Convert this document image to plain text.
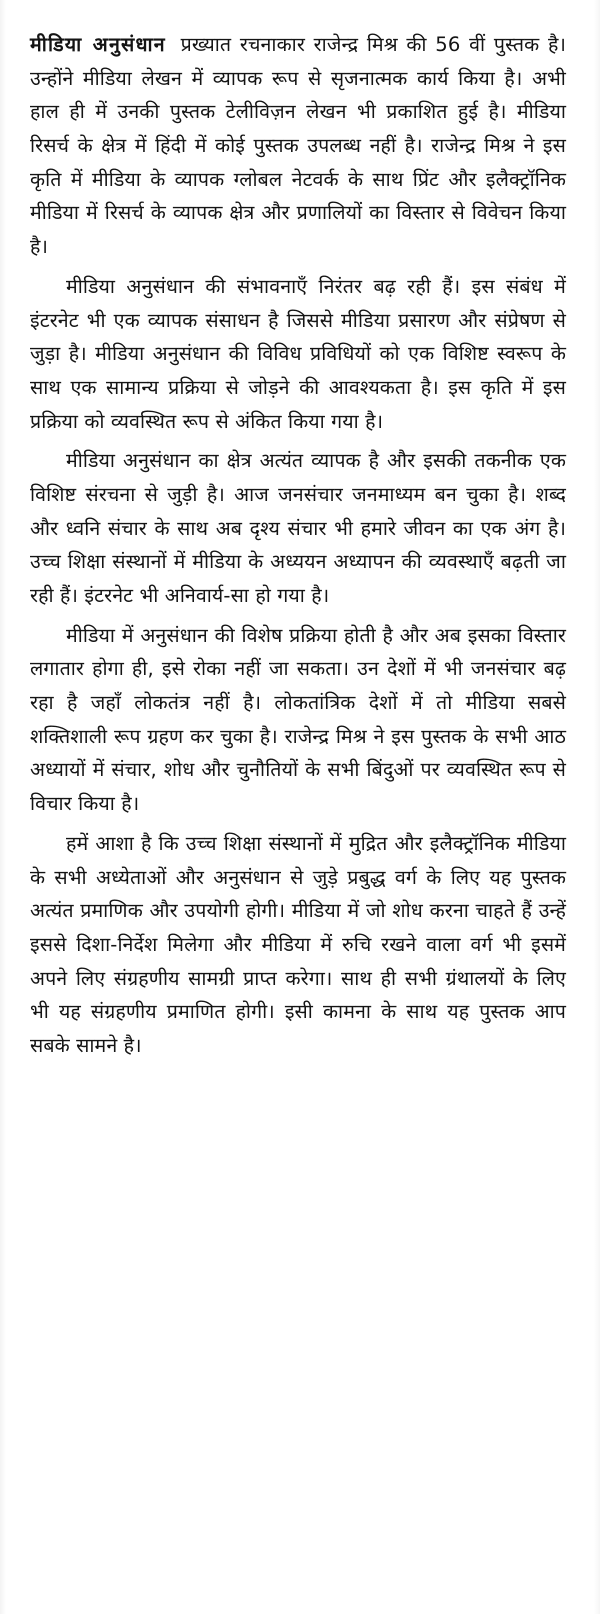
मीडिया अनुसंधान प्रख्यात रचनाकार राजेन्द्र मिश्र की 56 वीं पुस्तक है। उन्होंने मीडिया लेखन में व्यापक रूप से सृजनात्मक कार्य किया है। अभी हाल ही में उनकी पुस्तक टेलीविज़न लेखन भी प्रकाशित हुई है। मीडिया रिसर्च के क्षेत्र में हिंदी में कोई पुस्तक उपलब्ध नहीं है। राजेन्द्र मिश्र ने इस कृति में मीडिया के व्यापक ग्लोबल नेटवर्क के साथ प्रिंट और इलैक्ट्रॉनिक मीडिया में रिसर्च के व्यापक क्षेत्र और प्रणालियों का विस्तार से विवेचन किया है।

मीडिया अनुसंधान की संभावनाएँ निरंतर बढ़ रही हैं। इस संबंध में इंटरनेट भी एक व्यापक संसाधन है जिससे मीडिया प्रसारण और संप्रेषण से जुड़ा है। मीडिया अनुसंधान की विविध प्रविधियों को एक विशिष्ट स्वरूप के साथ एक सामान्य प्रक्रिया से जोड़ने की आवश्यकता है। इस कृति में इस प्रक्रिया को व्यवस्थित रूप से अंकित किया गया है।

मीडिया अनुसंधान का क्षेत्र अत्यंत व्यापक है और इसकी तकनीक एक विशिष्ट संरचना से जुड़ी है। आज जनसंचार जनमाध्यम बन चुका है। शब्द और ध्वनि संचार के साथ अब दृश्य संचार भी हमारे जीवन का एक अंग है। उच्च शिक्षा संस्थानों में मीडिया के अध्ययन अध्यापन की व्यवस्थाएँ बढ़ती जा रही हैं। इंटरनेट भी अनिवार्य-सा हो गया है।

मीडिया में अनुसंधान की विशेष प्रक्रिया होती है और अब इसका विस्तार लगातार होगा ही, इसे रोका नहीं जा सकता। उन देशों में भी जनसंचार बढ़ रहा है जहाँ लोकतंत्र नहीं है। लोकतांत्रिक देशों में तो मीडिया सबसे शक्तिशाली रूप ग्रहण कर चुका है। राजेन्द्र मिश्र ने इस पुस्तक के सभी आठ अध्यायों में संचार, शोध और चुनौतियों के सभी बिंदुओं पर व्यवस्थित रूप से विचार किया है।

हमें आशा है कि उच्च शिक्षा संस्थानों में मुद्रित और इलैक्ट्रॉनिक मीडिया के सभी अध्येताओं और अनुसंधान से जुड़े प्रबुद्ध वर्ग के लिए यह पुस्तक अत्यंत प्रमाणिक और उपयोगी होगी। मीडिया में जो शोध करना चाहते हैं उन्हें इससे दिशा-निर्देश मिलेगा और मीडिया में रुचि रखने वाला वर्ग भी इसमें अपने लिए संग्रहणीय सामग्री प्राप्त करेगा। साथ ही सभी ग्रंथालयों के लिए भी यह संग्रहणीय प्रमाणित होगी। इसी कामना के साथ यह पुस्तक आप सबके सामने है।
